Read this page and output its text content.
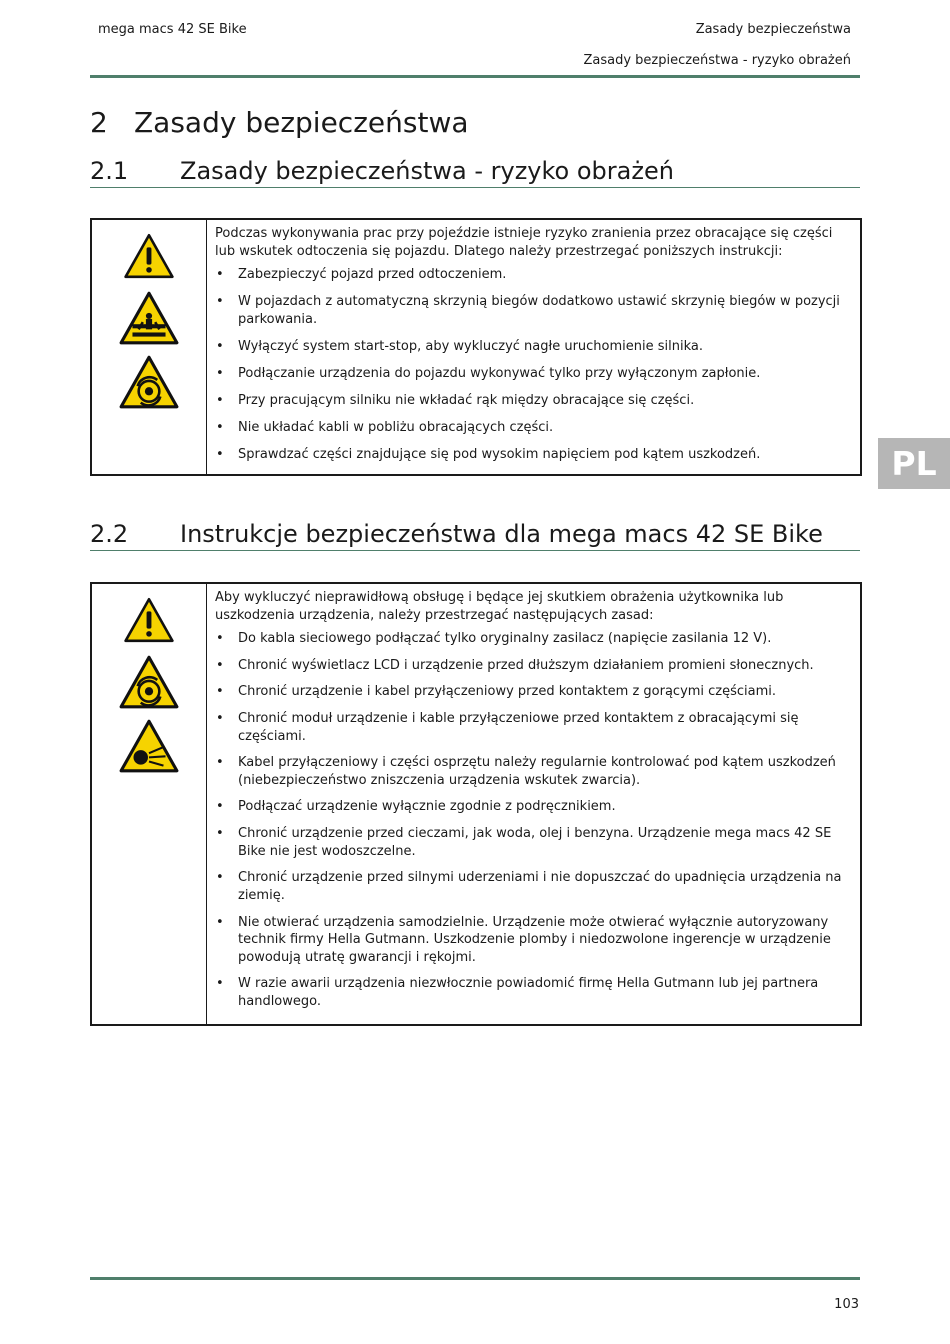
mega macs 42 SE Bike	Zasady bezpieczeństwa
Zasady bezpieczeństwa - ryzyko obrażeń
2 Zasady bezpieczeństwa
2.1 Zasady bezpieczeństwa - ryzyko obrażeń

Podczas wykonywania prac przy pojeździe istnieje ryzyko zranienia przez obracające się części lub wskutek odtoczenia się pojazdu. Dlatego należy przestrzegać poniższych instrukcji:

• Zabezpieczyć pojazd przed odtoczeniem.
• W pojazdach z automatyczną skrzynią biegów dodatkowo ustawić skrzynię biegów w pozycji parkowania.
• Wyłączyć system start-stop, aby wykluczyć nagłe uruchomienie silnika.
• Podłączanie urządzenia do pojazdu wykonywać tylko przy wyłączonym zapłonie.
• Przy pracującym silniku nie wkładać rąk między obracające się części.
• Nie układać kabli w pobliżu obracających części.
• Sprawdzać części znajdujące się pod wysokim napięciem pod kątem uszkodzeń.	PL
2.2 Instrukcje bezpieczeństwa dla mega macs 42 SE Bike

Aby wykluczyć nieprawidłową obsługę i będące jej skutkiem obrażenia użytkownika lub uszkodzenia urządzenia, należy przestrzegać następujących zasad:

• Do kabla sieciowego podłączać tylko oryginalny zasilacz (napięcie zasilania 12 V).
• Chronić wyświetlacz LCD i urządzenie przed dłuższym działaniem promieni słonecznych.
• Chronić urządzenie i kabel przyłączeniowy przed kontaktem z gorącymi częściami.
• Chronić moduł urządzenie i kable przyłączeniowe przed kontaktem z obracającymi się częściami.
• Kabel przyłączeniowy i części osprzętu należy regularnie kontrolować pod kątem uszkodzeń (niebezpieczeństwo zniszczenia urządzenia wskutek zwarcia).
• Podłączać urządzenie wyłącznie zgodnie z podręcznikiem.
• Chronić urządzenie przed cieczami, jak woda, olej i benzyna. Urządzenie mega macs 42 SE Bike nie jest wodoszczelne.
• Chronić urządzenie przed silnymi uderzeniami i nie dopuszczać do upadnięcia urządzenia na ziemię.
• Nie otwierać urządzenia samodzielnie. Urządzenie może otwierać wyłącznie autoryzowany technik firmy Hella Gutmann. Uszkodzenie plomby i niedozwolone ingerencje w urządzenie powodują utratę gwarancji i rękojmi.
• W razie awarii urządzenia niezwłocznie powiadomić firmę Hella Gutmann lub jej partnera handlowego.
103
